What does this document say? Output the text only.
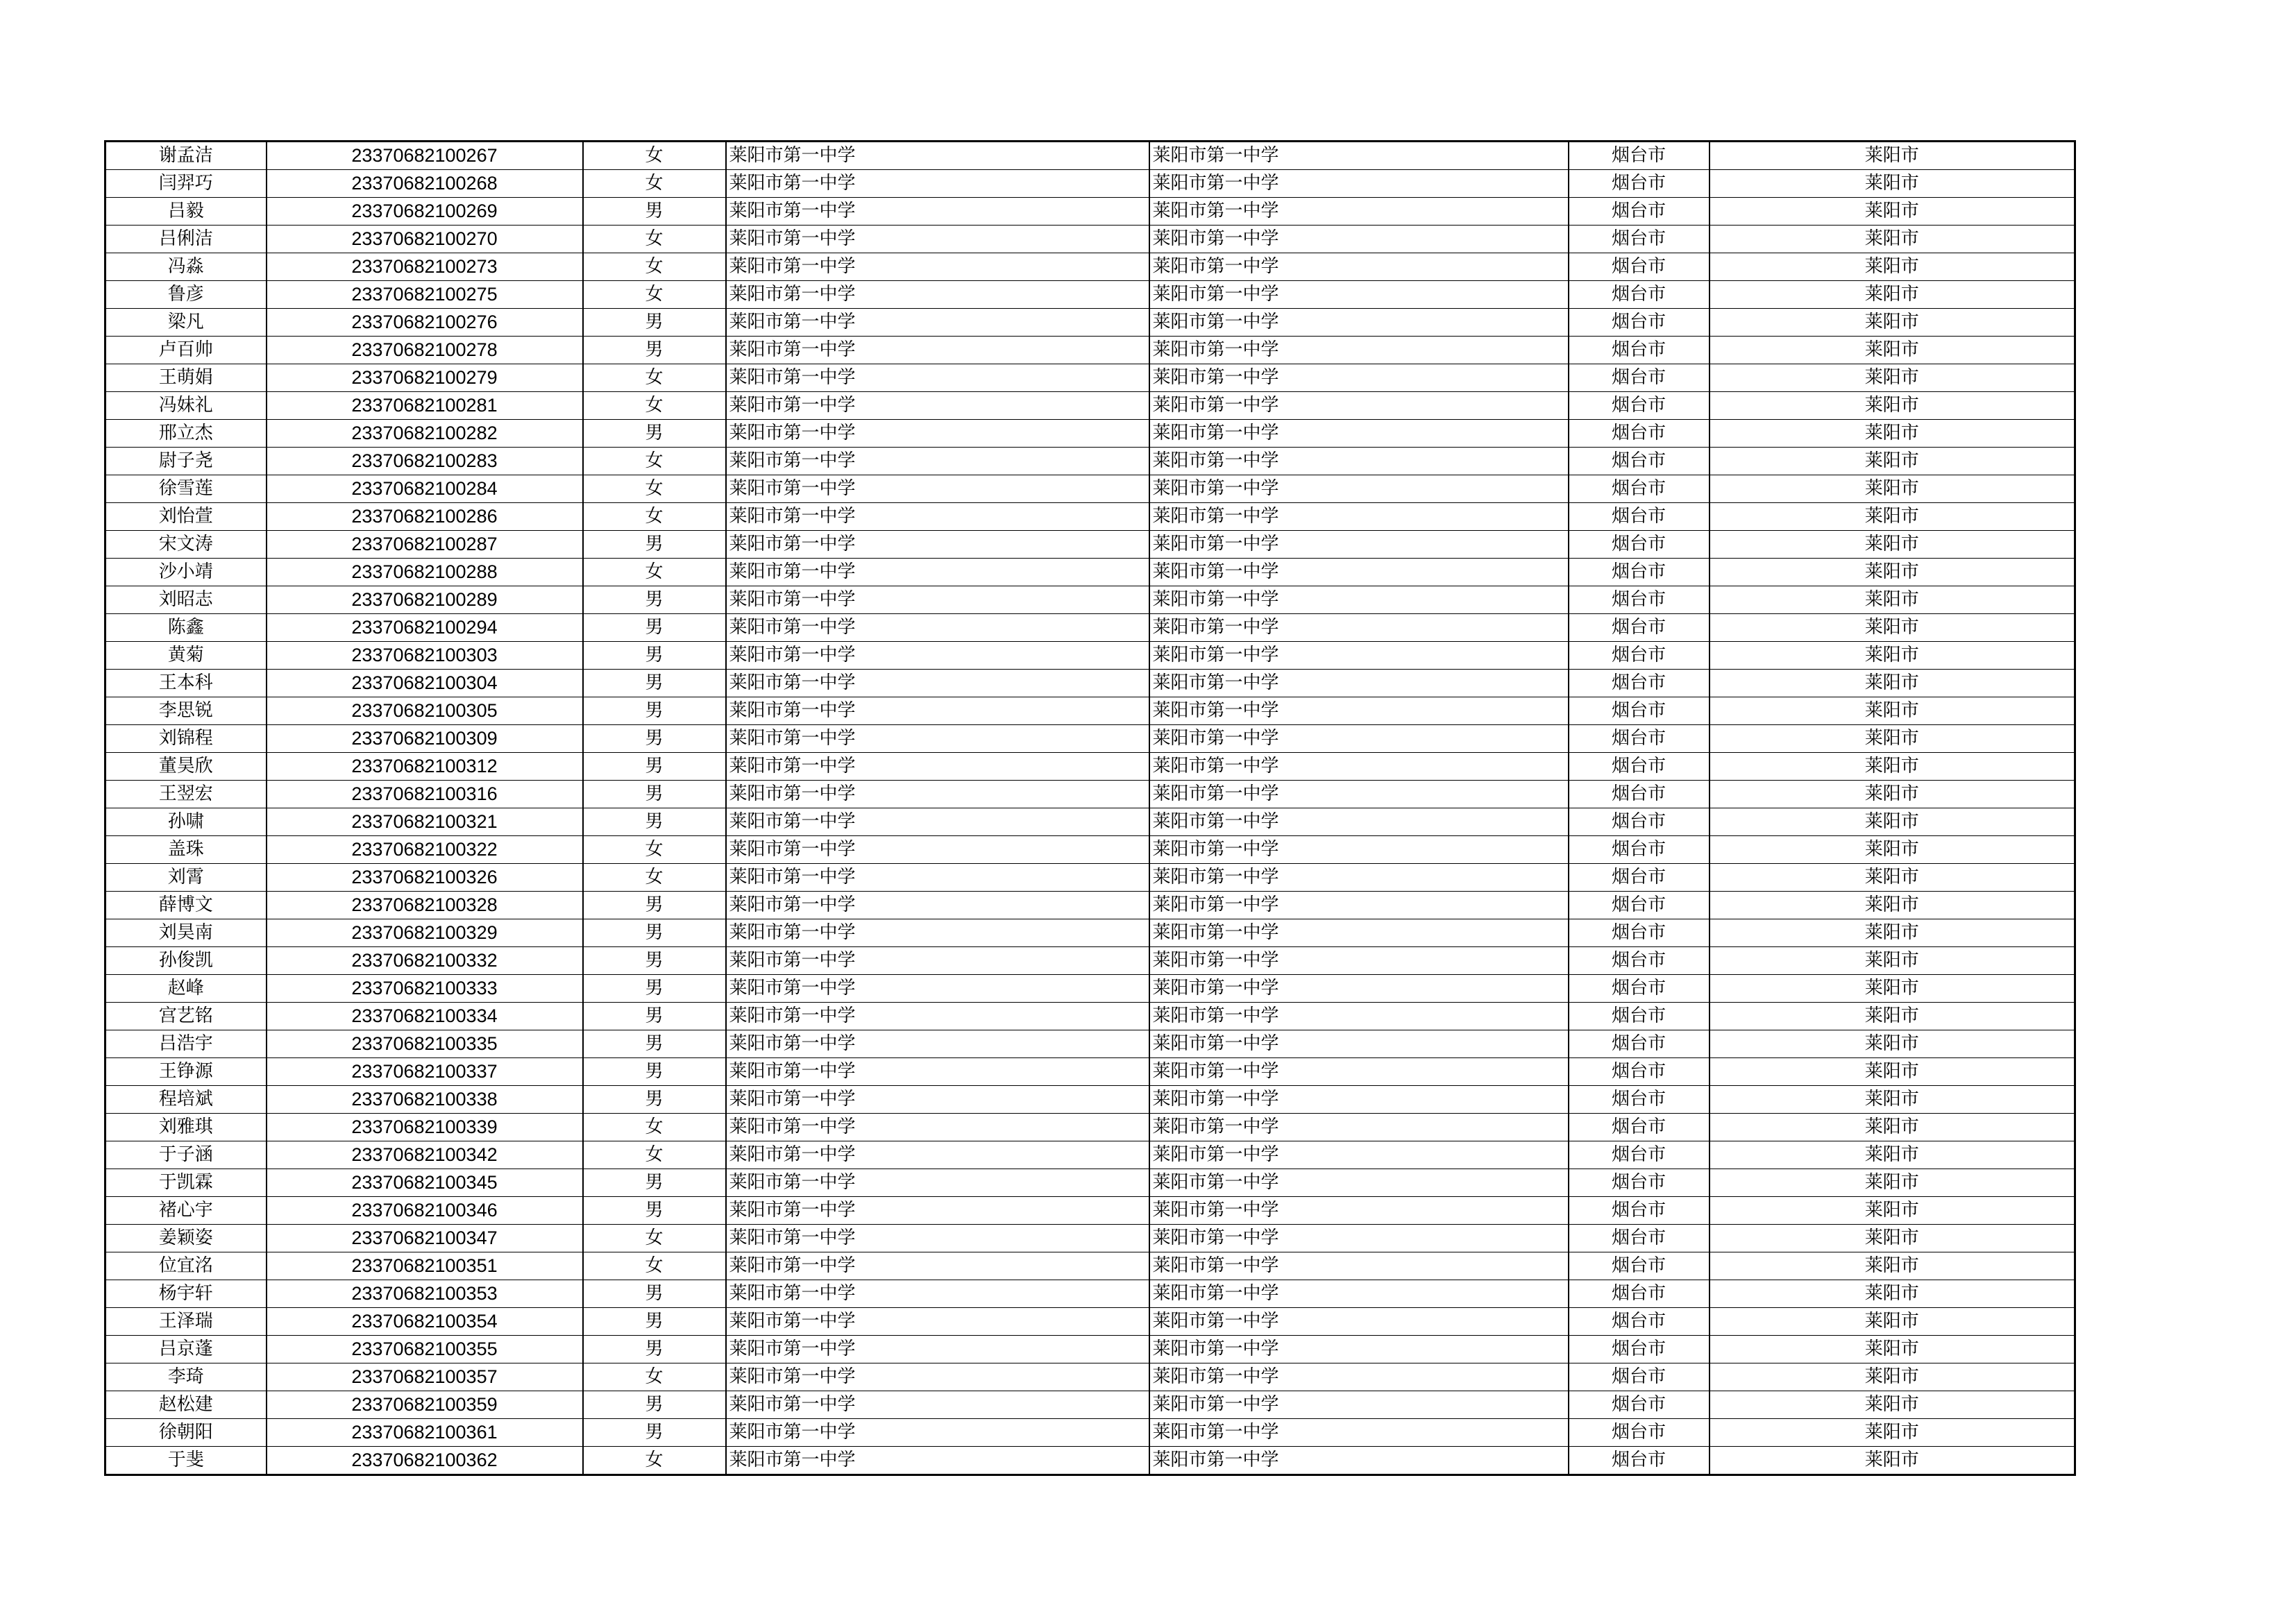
谢孟洁	23370682100267	女	莱阳市第一中学	莱阳市第一中学	烟台市	莱阳市
闫羿巧	23370682100268	女	莱阳市第一中学	莱阳市第一中学	烟台市	莱阳市
吕毅	23370682100269	男	莱阳市第一中学	莱阳市第一中学	烟台市	莱阳市
吕俐洁	23370682100270	女	莱阳市第一中学	莱阳市第一中学	烟台市	莱阳市
冯淼	23370682100273	女	莱阳市第一中学	莱阳市第一中学	烟台市	莱阳市
鲁彦	23370682100275	女	莱阳市第一中学	莱阳市第一中学	烟台市	莱阳市
梁凡	23370682100276	男	莱阳市第一中学	莱阳市第一中学	烟台市	莱阳市
卢百帅	23370682100278	男	莱阳市第一中学	莱阳市第一中学	烟台市	莱阳市
王萌娟	23370682100279	女	莱阳市第一中学	莱阳市第一中学	烟台市	莱阳市
冯妹礼	23370682100281	女	莱阳市第一中学	莱阳市第一中学	烟台市	莱阳市
邢立杰	23370682100282	男	莱阳市第一中学	莱阳市第一中学	烟台市	莱阳市
尉子尧	23370682100283	女	莱阳市第一中学	莱阳市第一中学	烟台市	莱阳市
徐雪莲	23370682100284	女	莱阳市第一中学	莱阳市第一中学	烟台市	莱阳市
刘怡萱	23370682100286	女	莱阳市第一中学	莱阳市第一中学	烟台市	莱阳市
宋文涛	23370682100287	男	莱阳市第一中学	莱阳市第一中学	烟台市	莱阳市
沙小靖	23370682100288	女	莱阳市第一中学	莱阳市第一中学	烟台市	莱阳市
刘昭志	23370682100289	男	莱阳市第一中学	莱阳市第一中学	烟台市	莱阳市
陈鑫	23370682100294	男	莱阳市第一中学	莱阳市第一中学	烟台市	莱阳市
黄菊	23370682100303	男	莱阳市第一中学	莱阳市第一中学	烟台市	莱阳市
王本科	23370682100304	男	莱阳市第一中学	莱阳市第一中学	烟台市	莱阳市
李思锐	23370682100305	男	莱阳市第一中学	莱阳市第一中学	烟台市	莱阳市
刘锦程	23370682100309	男	莱阳市第一中学	莱阳市第一中学	烟台市	莱阳市
董昊欣	23370682100312	男	莱阳市第一中学	莱阳市第一中学	烟台市	莱阳市
王翌宏	23370682100316	男	莱阳市第一中学	莱阳市第一中学	烟台市	莱阳市
孙啸	23370682100321	男	莱阳市第一中学	莱阳市第一中学	烟台市	莱阳市
盖珠	23370682100322	女	莱阳市第一中学	莱阳市第一中学	烟台市	莱阳市
刘霄	23370682100326	女	莱阳市第一中学	莱阳市第一中学	烟台市	莱阳市
薛博文	23370682100328	男	莱阳市第一中学	莱阳市第一中学	烟台市	莱阳市
刘昊南	23370682100329	男	莱阳市第一中学	莱阳市第一中学	烟台市	莱阳市
孙俊凯	23370682100332	男	莱阳市第一中学	莱阳市第一中学	烟台市	莱阳市
赵峰	23370682100333	男	莱阳市第一中学	莱阳市第一中学	烟台市	莱阳市
宫艺铭	23370682100334	男	莱阳市第一中学	莱阳市第一中学	烟台市	莱阳市
吕浩宇	23370682100335	男	莱阳市第一中学	莱阳市第一中学	烟台市	莱阳市
王铮源	23370682100337	男	莱阳市第一中学	莱阳市第一中学	烟台市	莱阳市
程培斌	23370682100338	男	莱阳市第一中学	莱阳市第一中学	烟台市	莱阳市
刘雅琪	23370682100339	女	莱阳市第一中学	莱阳市第一中学	烟台市	莱阳市
于子涵	23370682100342	女	莱阳市第一中学	莱阳市第一中学	烟台市	莱阳市
于凯霖	23370682100345	男	莱阳市第一中学	莱阳市第一中学	烟台市	莱阳市
褚心宇	23370682100346	男	莱阳市第一中学	莱阳市第一中学	烟台市	莱阳市
姜颖姿	23370682100347	女	莱阳市第一中学	莱阳市第一中学	烟台市	莱阳市
位宜洺	23370682100351	女	莱阳市第一中学	莱阳市第一中学	烟台市	莱阳市
杨宇轩	23370682100353	男	莱阳市第一中学	莱阳市第一中学	烟台市	莱阳市
王泽瑞	23370682100354	男	莱阳市第一中学	莱阳市第一中学	烟台市	莱阳市
吕京蓬	23370682100355	男	莱阳市第一中学	莱阳市第一中学	烟台市	莱阳市
李琦	23370682100357	女	莱阳市第一中学	莱阳市第一中学	烟台市	莱阳市
赵松建	23370682100359	男	莱阳市第一中学	莱阳市第一中学	烟台市	莱阳市
徐朝阳	23370682100361	男	莱阳市第一中学	莱阳市第一中学	烟台市	莱阳市
于斐	23370682100362	女	莱阳市第一中学	莱阳市第一中学	烟台市	莱阳市
